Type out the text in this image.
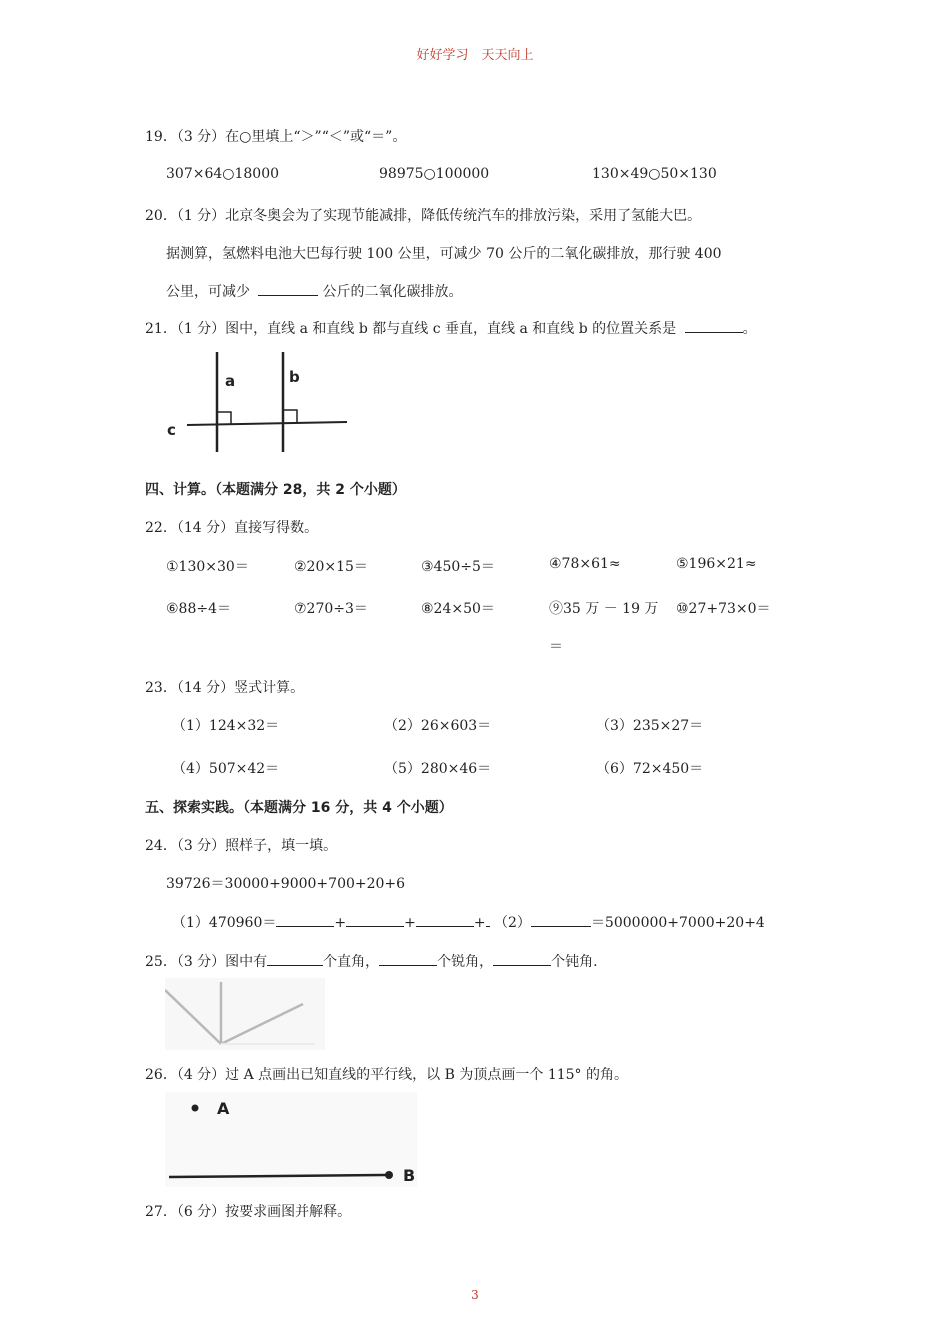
好好学习　天天向上
19．（3 分）在○里填上“＞”“＜”或“＝”。
307×64○18000	98975○100000	130×49○50×130
20．（1 分）北京冬奥会为了实现节能减排，降低传统汽车的排放污染，采用了氢能大巴。
据测算，氢燃料电池大巴每行驶 100 公里，可减少 70 公斤的二氧化碳排放，那行驶 400
公里，可减少	公斤的二氧化碳排放。
21．（1 分）图中，直线 a 和直线 b 都与直线 c 垂直，直线 a 和直线 b 的位置关系是	。
a	b
c
四、计算。（本题满分 28，共 2 个小题）
22．（14 分）直接写得数。
①130×30＝	②20×15＝	③450÷5＝	④78×61≈	⑤196×21≈
⑥88÷4＝	⑦270÷3＝	⑧24×50＝	⑨35 万 － 19 万 ⑩27+73×0＝
＝
23．（14 分）竖式计算。
（1）124×32＝	（2）26×603＝	（3）235×27＝
（4）507×42＝	（5）280×46＝	（6）72×450＝
五、探索实践。（本题满分 16 分，共 4 个小题）
24．（3 分）照样子，填一填。
39726＝30000+9000+700+20+6
（1）470960＝	+	+	+ （2）	＝5000000+7000+20+4
25．（3 分）图中有	个直角，	个锐角，	个钝角.
26．（4 分）过 A 点画出已知直线的平行线，以 B 为顶点画一个 115° 的角。
A
B
27．（6 分）按要求画图并解释。
3
